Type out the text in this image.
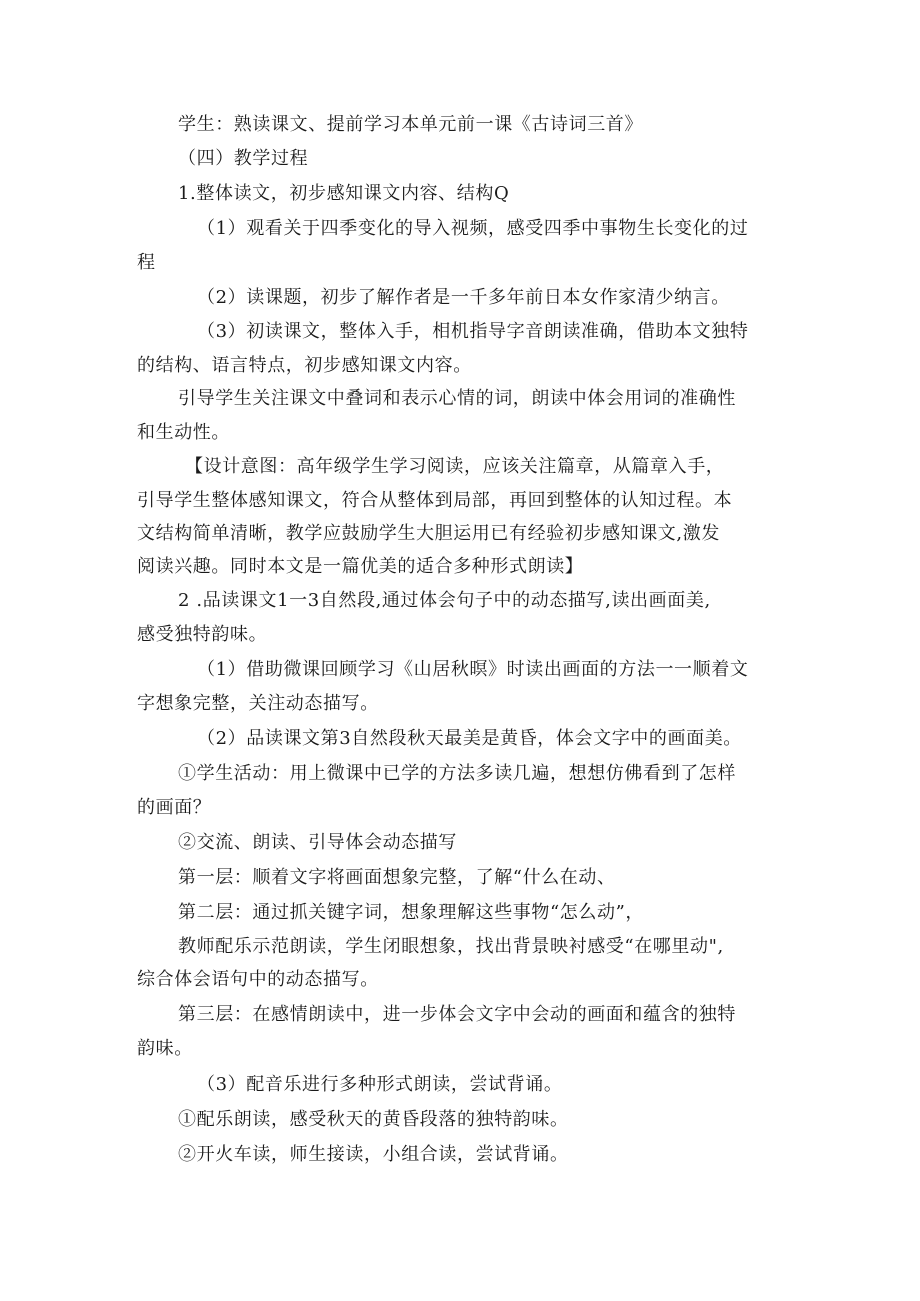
学生：熟读课文、提前学习本单元前一课《古诗词三首》
（四）教学过程
1.整体读文，初步感知课文内容、结构Q
（1）观看关于四季变化的导入视频，感受四季中事物生长变化的过
程
（2）读课题，初步了解作者是一千多年前日本女作家清少纳言。
（3）初读课文，整体入手，相机指导字音朗读准确，借助本文独特
的结构、语言特点，初步感知课文内容。
引导学生关注课文中叠词和表示心情的词，朗读中体会用词的准确性
和生动性。
【设计意图：高年级学生学习阅读，应该关注篇章，从篇章入手，
引导学生整体感知课文，符合从整体到局部，再回到整体的认知过程。本
文结构简单清晰，教学应鼓励学生大胆运用已有经验初步感知课文,激发
阅读兴趣。同时本文是一篇优美的适合多种形式朗读】
2 .品读课文1一3自然段,通过体会句子中的动态描写,读出画面美,
感受独特韵味。
（1）借助微课回顾学习《山居秋暝》时读出画面的方法一一顺着文
字想象完整，关注动态描写。
（2）品读课文第3自然段秋天最美是黄昏，体会文字中的画面美。
①学生活动：用上微课中已学的方法多读几遍，想想仿佛看到了怎样
的画面？
②交流、朗读、引导体会动态描写
第一层：顺着文字将画面想象完整，了解“什么在动、
第二层：通过抓关键字词，想象理解这些事物“怎么动”，
教师配乐示范朗读，学生闭眼想象，找出背景映衬感受“在哪里动",
综合体会语句中的动态描写。
第三层：在感情朗读中，进一步体会文字中会动的画面和蕴含的独特
韵味。
（3）配音乐进行多种形式朗读，尝试背诵。
①配乐朗读，感受秋天的黄昏段落的独特韵味。
②开火车读，师生接读，小组合读，尝试背诵。
